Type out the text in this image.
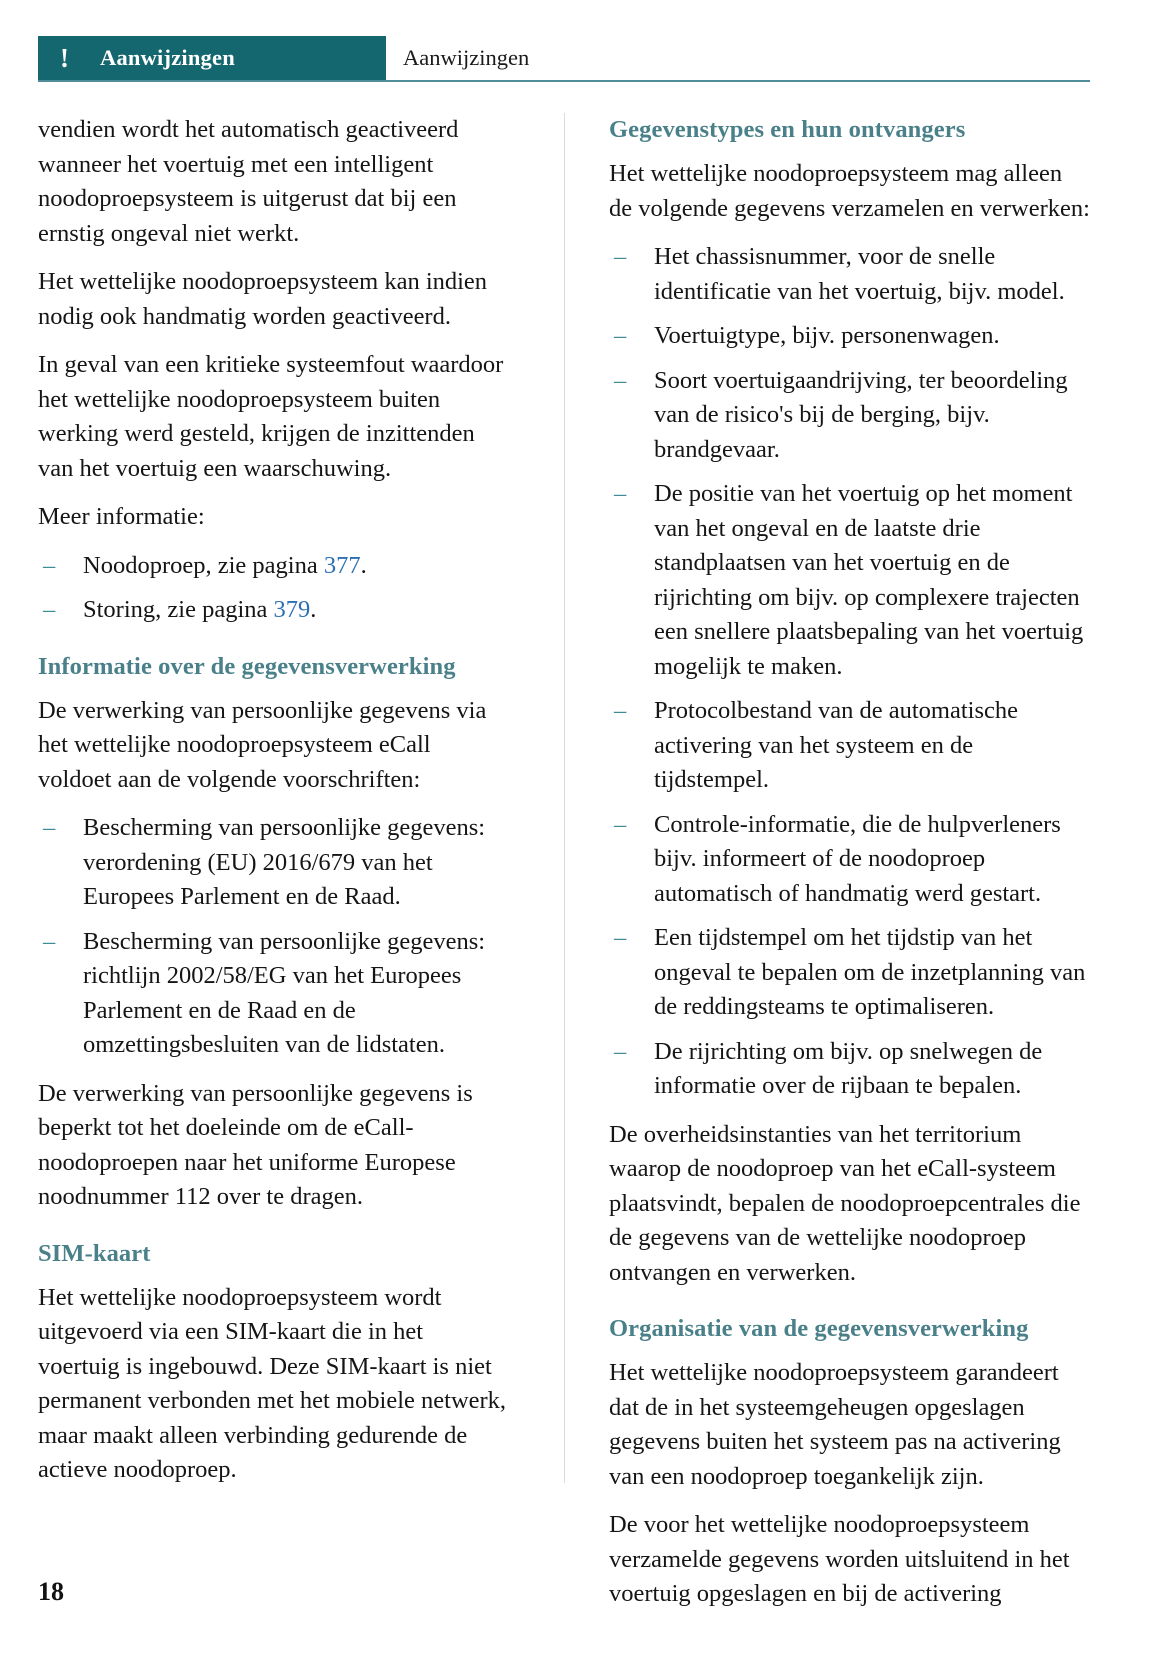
!	Aanwijzingen	Aanwijzingen

vendien wordt het automatisch geactiveerd wanneer het voertuig met een intelligent noodoproepsysteem is uitgerust dat bij een ernstig ongeval niet werkt.

Het wettelijke noodoproepsysteem kan indien nodig ook handmatig worden geactiveerd.

In geval van een kritieke systeemfout waardoor het wettelijke noodoproepsysteem buiten werking werd gesteld, krijgen de inzittenden van het voertuig een waarschuwing.

Meer informatie:

– Noodoproep, zie pagina 377.
– Storing, zie pagina 379.
Informatie over de gegevensverwerking

De verwerking van persoonlijke gegevens via het wettelijke noodoproepsysteem eCall voldoet aan de volgende voorschriften:

– Bescherming van persoonlijke gegevens: verordening (EU) 2016/679 van het Europees Parlement en de Raad.
– Bescherming van persoonlijke gegevens: richtlijn 2002/58/EG van het Europees Parlement en de Raad en de omzettingsbesluiten van de lidstaten.

De verwerking van persoonlijke gegevens is beperkt tot het doeleinde om de eCall-noodoproepen naar het uniforme Europese noodnummer 112 over te dragen.

SIM-kaart

Het wettelijke noodoproepsysteem wordt uitgevoerd via een SIM-kaart die in het voertuig is ingebouwd. Deze SIM-kaart is niet permanent verbonden met het mobiele netwerk, maar maakt alleen verbinding gedurende de actieve noodoproep.

Gegevenstypes en hun ontvangers

Het wettelijke noodoproepsysteem mag alleen de volgende gegevens verzamelen en verwerken:

– Het chassisnummer, voor de snelle identificatie van het voertuig, bijv. model.
– Voertuigtype, bijv. personenwagen.
– Soort voertuigaandrijving, ter beoordeling van de risico's bij de berging, bijv. brandgevaar.
– De positie van het voertuig op het moment van het ongeval en de laatste drie standplaatsen van het voertuig en de rijrichting om bijv. op complexere trajecten een snellere plaatsbepaling van het voertuig mogelijk te maken.
– Protocolbestand van de automatische activering van het systeem en de tijdstempel.
– Controle-informatie, die de hulpverleners bijv. informeert of de noodoproep automatisch of handmatig werd gestart.
– Een tijdstempel om het tijdstip van het ongeval te bepalen om de inzetplanning van de reddingsteams te optimaliseren.
– De rijrichting om bijv. op snelwegen de informatie over de rijbaan te bepalen.

De overheidsinstanties van het territorium waarop de noodoproep van het eCall-systeem plaatsvindt, bepalen de noodoproepcentrales die de gegevens van de wettelijke noodoproep ontvangen en verwerken.

Organisatie van de gegevensverwerking

Het wettelijke noodoproepsysteem garandeert dat de in het systeemgeheugen opgeslagen gegevens buiten het systeem pas na activering van een noodoproep toegankelijk zijn.

De voor het wettelijke noodoproepsysteem verzamelde gegevens worden uitsluitend in het voertuig opgeslagen en bij de activering

18
